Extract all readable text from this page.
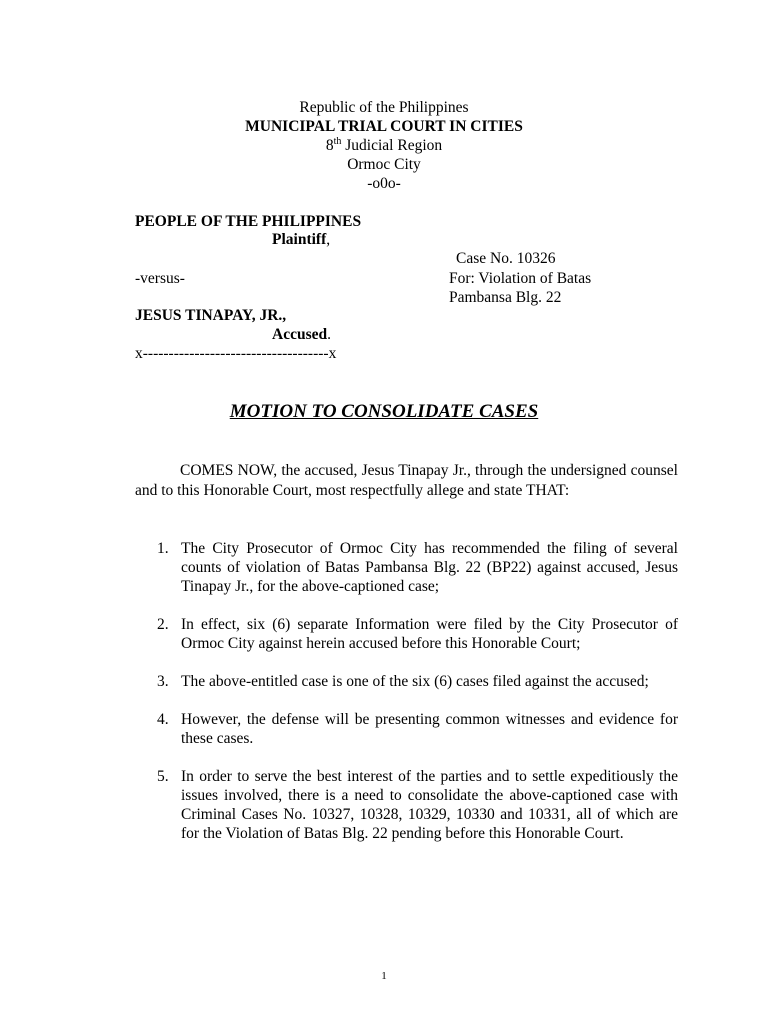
Republic of the Philippines
MUNICIPAL TRIAL COURT IN CITIES
8th Judicial Region
Ormoc City
-o0o-
PEOPLE OF THE PHILIPPINES
Plaintiff,
-versus-
JESUS TINAPAY, JR.,
Accused.
x------------------------------------x
Case No. 10326
For: Violation of Batas
Pambansa Blg. 22
MOTION TO CONSOLIDATE CASES
COMES NOW, the accused, Jesus Tinapay Jr., through the undersigned counsel and to this Honorable Court, most respectfully allege and state THAT:
1. The City Prosecutor of Ormoc City has recommended the filing of several counts of violation of Batas Pambansa Blg. 22 (BP22) against accused, Jesus Tinapay Jr., for the above-captioned case;
2. In effect, six (6) separate Information were filed by the City Prosecutor of Ormoc City against herein accused before this Honorable Court;
3. The above-entitled case is one of the six (6) cases filed against the accused;
4. However, the defense will be presenting common witnesses and evidence for these cases.
5. In order to serve the best interest of the parties and to settle expeditiously the issues involved, there is a need to consolidate the above-captioned case with Criminal Cases No. 10327, 10328, 10329, 10330 and 10331, all of which are for the Violation of Batas Blg. 22 pending before this Honorable Court.
1
